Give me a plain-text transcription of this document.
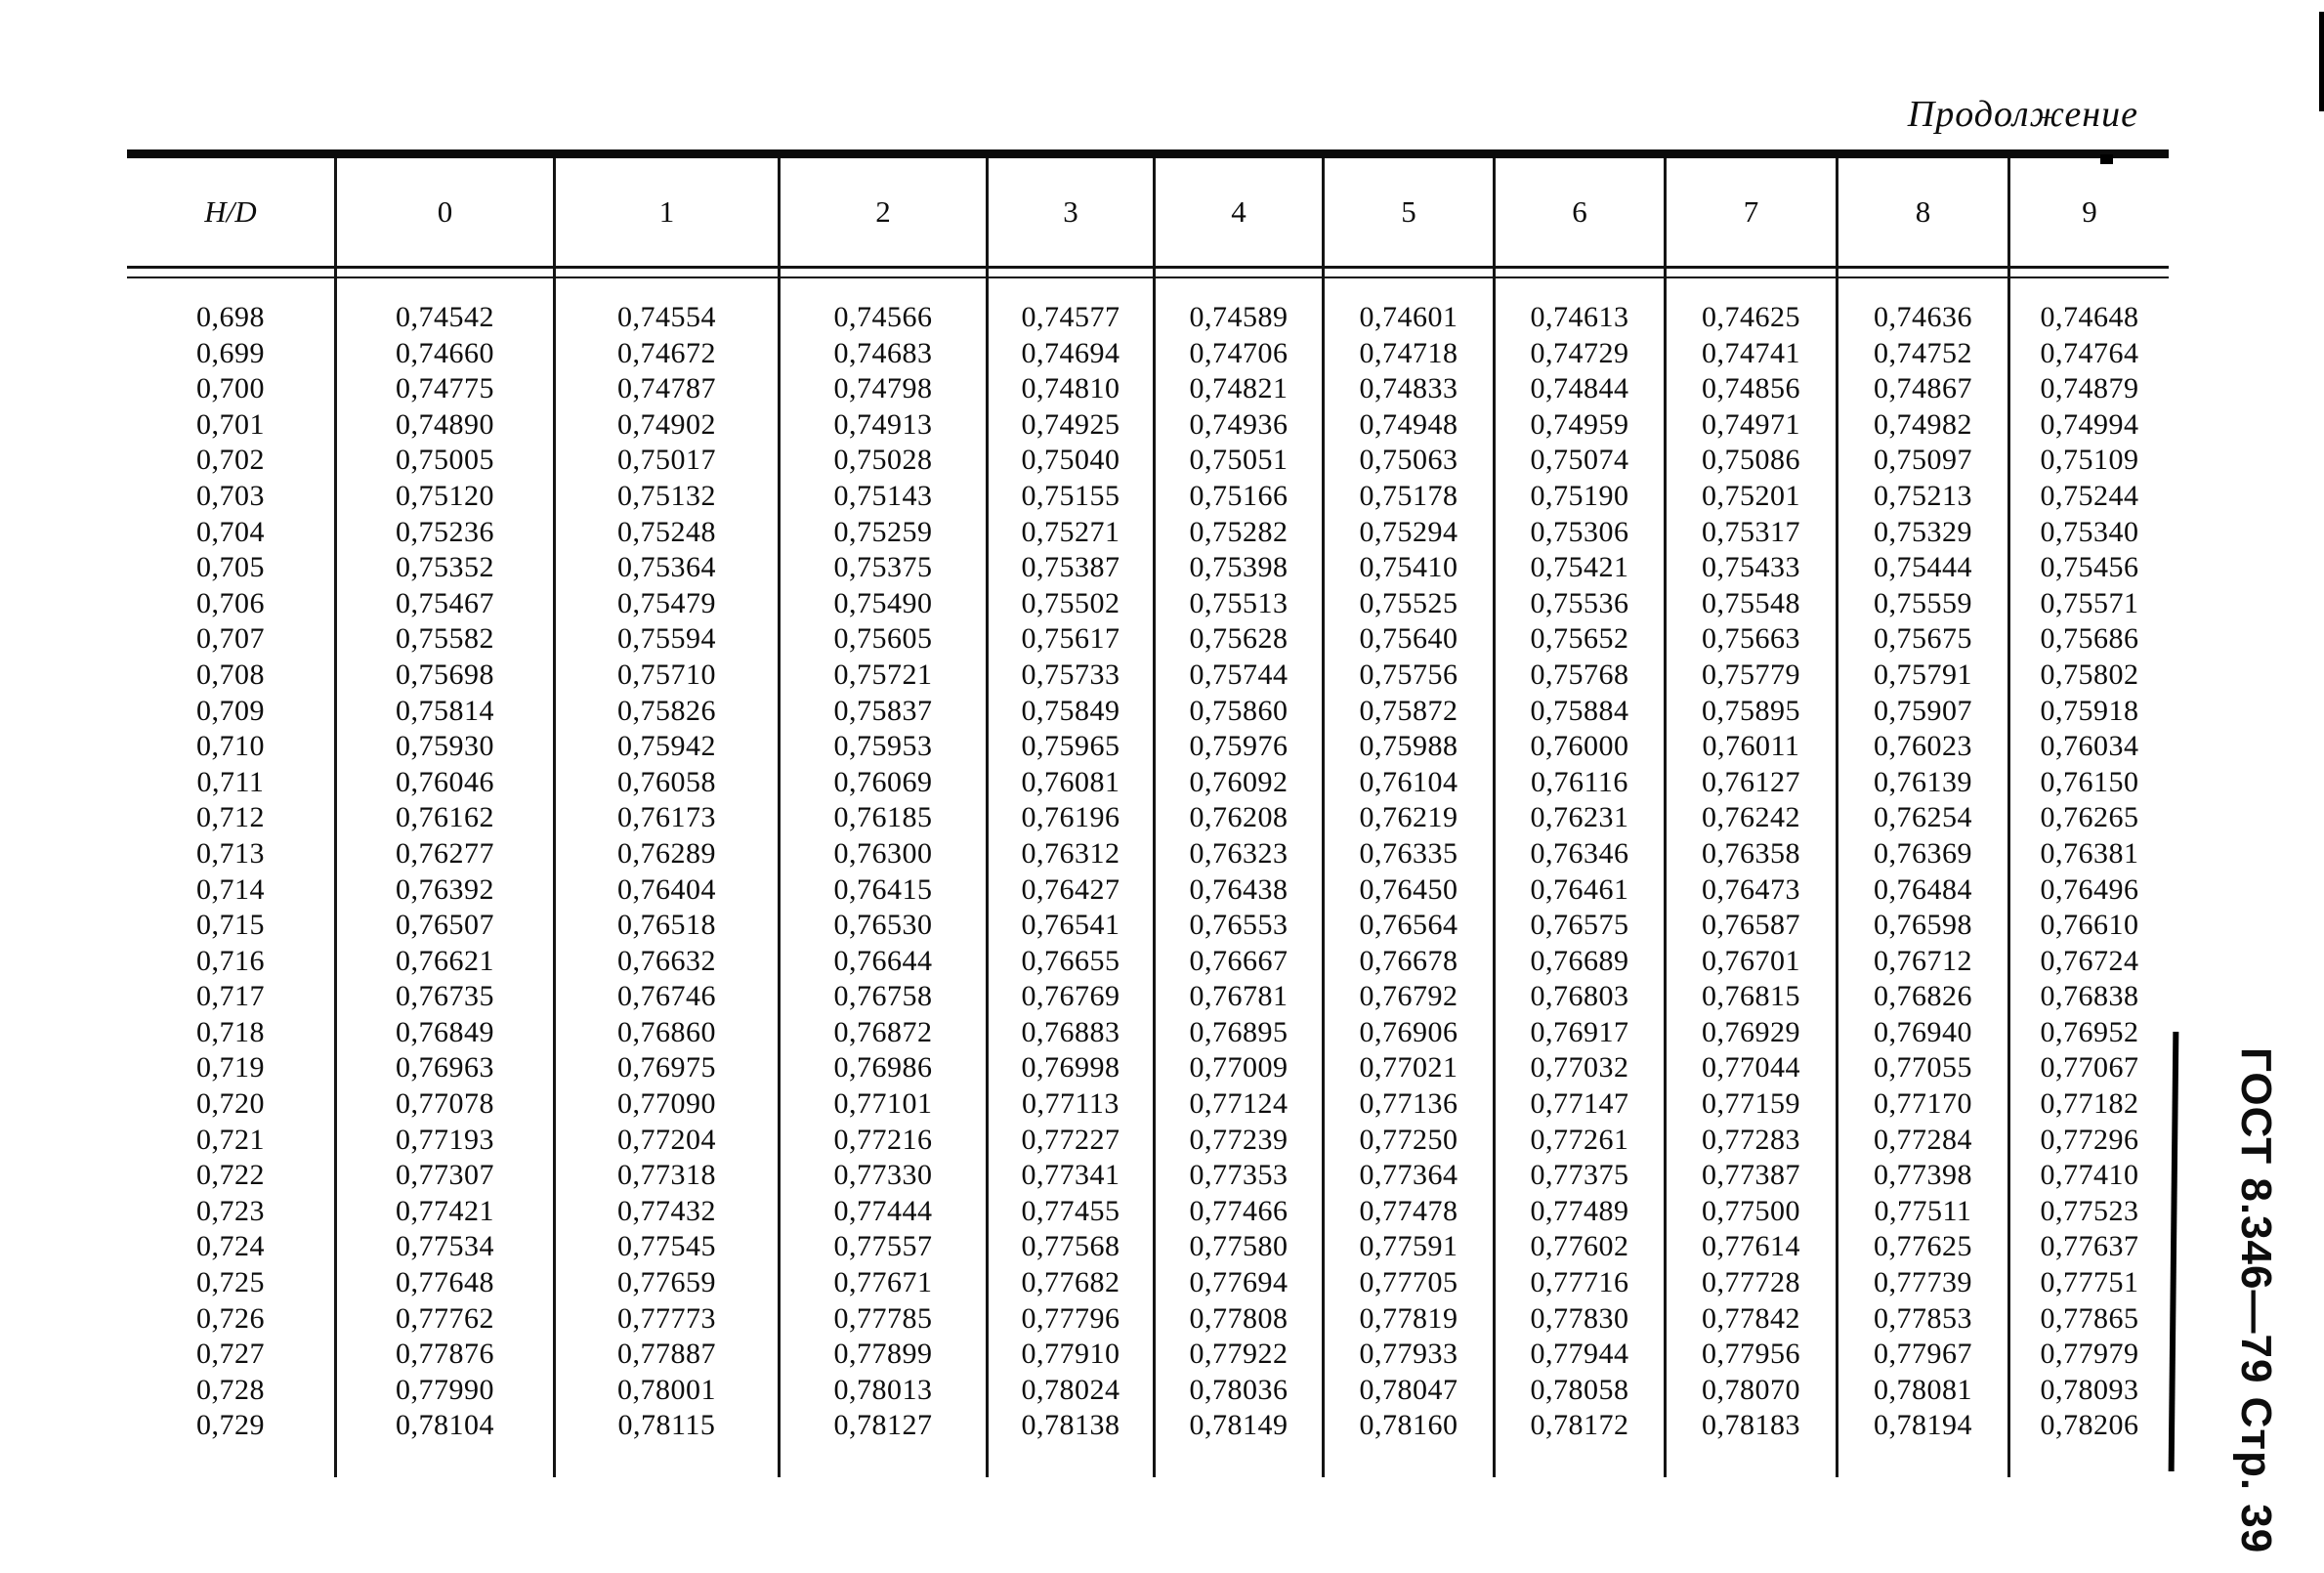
Продолжение
H/D	0	1	2	3	4	5	6	7	8	9

0,698	0,74542	0,74554	0,74566	0,74577	0,74589	0,74601	0,74613	0,74625	0,74636	0,74648
0,699	0,74660	0,74672	0,74683	0,74694	0,74706	0,74718	0,74729	0,74741	0,74752	0,74764
0,700	0,74775	0,74787	0,74798	0,74810	0,74821	0,74833	0,74844	0,74856	0,74867	0,74879
0,701	0,74890	0,74902	0,74913	0,74925	0,74936	0,74948	0,74959	0,74971	0,74982	0,74994
0,702	0,75005	0,75017	0,75028	0,75040	0,75051	0,75063	0,75074	0,75086	0,75097	0,75109
0,703	0,75120	0,75132	0,75143	0,75155	0,75166	0,75178	0,75190	0,75201	0,75213	0,75244
0,704	0,75236	0,75248	0,75259	0,75271	0,75282	0,75294	0,75306	0,75317	0,75329	0,75340
0,705	0,75352	0,75364	0,75375	0,75387	0,75398	0,75410	0,75421	0,75433	0,75444	0,75456
0,706	0,75467	0,75479	0,75490	0,75502	0,75513	0,75525	0,75536	0,75548	0,75559	0,75571
0,707	0,75582	0,75594	0,75605	0,75617	0,75628	0,75640	0,75652	0,75663	0,75675	0,75686
0,708	0,75698	0,75710	0,75721	0,75733	0,75744	0,75756	0,75768	0,75779	0,75791	0,75802
0,709	0,75814	0,75826	0,75837	0,75849	0,75860	0,75872	0,75884	0,75895	0,75907	0,75918
0,710	0,75930	0,75942	0,75953	0,75965	0,75976	0,75988	0,76000	0,76011	0,76023	0,76034
0,711	0,76046	0,76058	0,76069	0,76081	0,76092	0,76104	0,76116	0,76127	0,76139	0,76150
0,712	0,76162	0,76173	0,76185	0,76196	0,76208	0,76219	0,76231	0,76242	0,76254	0,76265
0,713	0,76277	0,76289	0,76300	0,76312	0,76323	0,76335	0,76346	0,76358	0,76369	0,76381
0,714	0,76392	0,76404	0,76415	0,76427	0,76438	0,76450	0,76461	0,76473	0,76484	0,76496
0,715	0,76507	0,76518	0,76530	0,76541	0,76553	0,76564	0,76575	0,76587	0,76598	0,76610
0,716	0,76621	0,76632	0,76644	0,76655	0,76667	0,76678	0,76689	0,76701	0,76712	0,76724
0,717	0,76735	0,76746	0,76758	0,76769	0,76781	0,76792	0,76803	0,76815	0,76826	0,76838
0,718	0,76849	0,76860	0,76872	0,76883	0,76895	0,76906	0,76917	0,76929	0,76940	0,76952
0,719	0,76963	0,76975	0,76986	0,76998	0,77009	0,77021	0,77032	0,77044	0,77055	0,77067
0,720	0,77078	0,77090	0,77101	0,77113	0,77124	0,77136	0,77147	0,77159	0,77170	0,77182
0,721	0,77193	0,77204	0,77216	0,77227	0,77239	0,77250	0,77261	0,77283	0,77284	0,77296
0,722	0,77307	0,77318	0,77330	0,77341	0,77353	0,77364	0,77375	0,77387	0,77398	0,77410
0,723	0,77421	0,77432	0,77444	0,77455	0,77466	0,77478	0,77489	0,77500	0,77511	0,77523
0,724	0,77534	0,77545	0,77557	0,77568	0,77580	0,77591	0,77602	0,77614	0,77625	0,77637
0,725	0,77648	0,77659	0,77671	0,77682	0,77694	0,77705	0,77716	0,77728	0,77739	0,77751
0,726	0,77762	0,77773	0,77785	0,77796	0,77808	0,77819	0,77830	0,77842	0,77853	0,77865
0,727	0,77876	0,77887	0,77899	0,77910	0,77922	0,77933	0,77944	0,77956	0,77967	0,77979
0,728	0,77990	0,78001	0,78013	0,78024	0,78036	0,78047	0,78058	0,78070	0,78081	0,78093
0,729	0,78104	0,78115	0,78127	0,78138	0,78149	0,78160	0,78172	0,78183	0,78194	0,78206
										ГОСТ 8.346—79 Стр. 39
